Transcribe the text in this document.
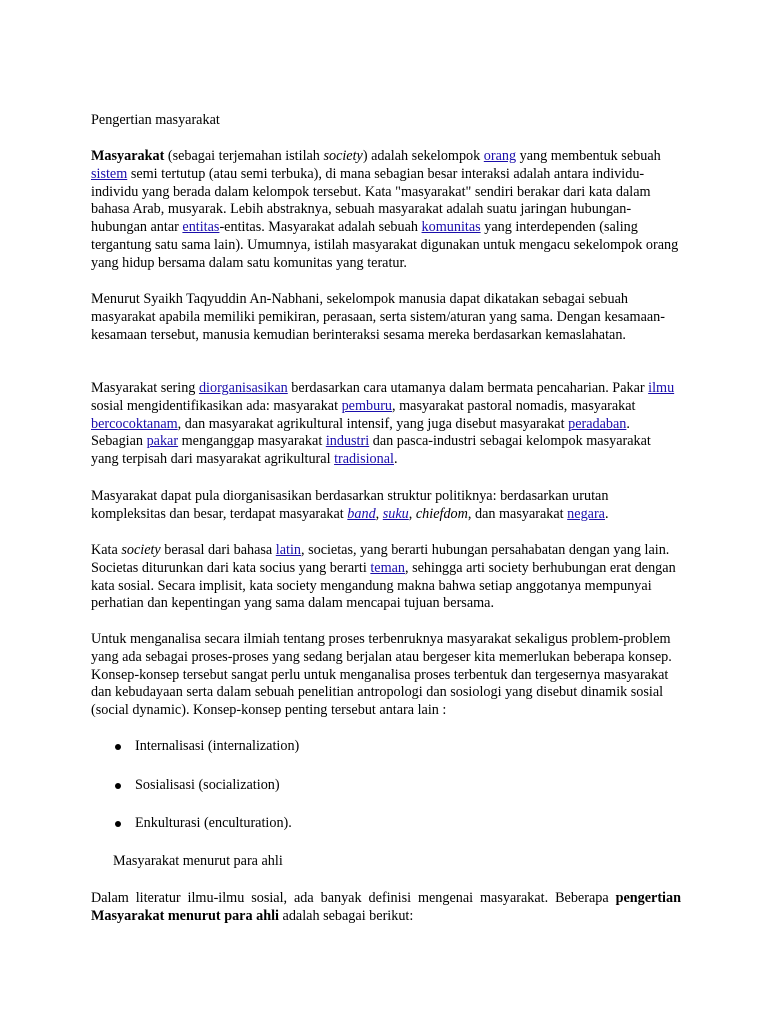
Pengertian masyarakat

Masyarakat (sebagai terjemahan istilah society) adalah sekelompok orang yang membentuk sebuah sistem semi tertutup (atau semi terbuka), di mana sebagian besar interaksi adalah antara individu-individu yang berada dalam kelompok tersebut. Kata "masyarakat" sendiri berakar dari kata dalam bahasa Arab, musyarak. Lebih abstraknya, sebuah masyarakat adalah suatu jaringan hubungan-hubungan antar entitas-entitas. Masyarakat adalah sebuah komunitas yang interdependen (saling tergantung satu sama lain). Umumnya, istilah masyarakat digunakan untuk mengacu sekelompok orang yang hidup bersama dalam satu komunitas yang teratur.

Menurut Syaikh Taqyuddin An-Nabhani, sekelompok manusia dapat dikatakan sebagai sebuah masyarakat apabila memiliki pemikiran, perasaan, serta sistem/aturan yang sama. Dengan kesamaan-kesamaan tersebut, manusia kemudian berinteraksi sesama mereka berdasarkan kemaslahatan.

Masyarakat sering diorganisasikan berdasarkan cara utamanya dalam bermata pencaharian. Pakar ilmu sosial mengidentifikasikan ada: masyarakat pemburu, masyarakat pastoral nomadis, masyarakat bercocoktanam, dan masyarakat agrikultural intensif, yang juga disebut masyarakat peradaban. Sebagian pakar menganggap masyarakat industri dan pasca-industri sebagai kelompok masyarakat yang terpisah dari masyarakat agrikultural tradisional.

Masyarakat dapat pula diorganisasikan berdasarkan struktur politiknya: berdasarkan urutan kompleksitas dan besar, terdapat masyarakat band, suku, chiefdom, dan masyarakat negara.

Kata society berasal dari bahasa latin, societas, yang berarti hubungan persahabatan dengan yang lain. Societas diturunkan dari kata socius yang berarti teman, sehingga arti society berhubungan erat dengan kata sosial. Secara implisit, kata society mengandung makna bahwa setiap anggotanya mempunyai perhatian dan kepentingan yang sama dalam mencapai tujuan bersama.

Untuk menganalisa secara ilmiah tentang proses terbenruknya masyarakat sekaligus problem-problem yang ada sebagai proses-proses yang sedang berjalan atau bergeser kita memerlukan beberapa konsep. Konsep-konsep tersebut sangat perlu untuk menganalisa proses terbentuk dan tergesernya masyarakat dan kebudayaan serta dalam sebuah penelitian antropologi dan sosiologi yang disebut dinamik sosial (social dynamic). Konsep-konsep penting tersebut antara lain :

Internalisasi (internalization)
Sosialisasi (socialization)
Enkulturasi (enculturation).

Masyarakat menurut para ahli

Dalam literatur ilmu-ilmu sosial, ada banyak definisi mengenai masyarakat. Beberapa pengertian Masyarakat menurut para ahli adalah sebagai berikut:
